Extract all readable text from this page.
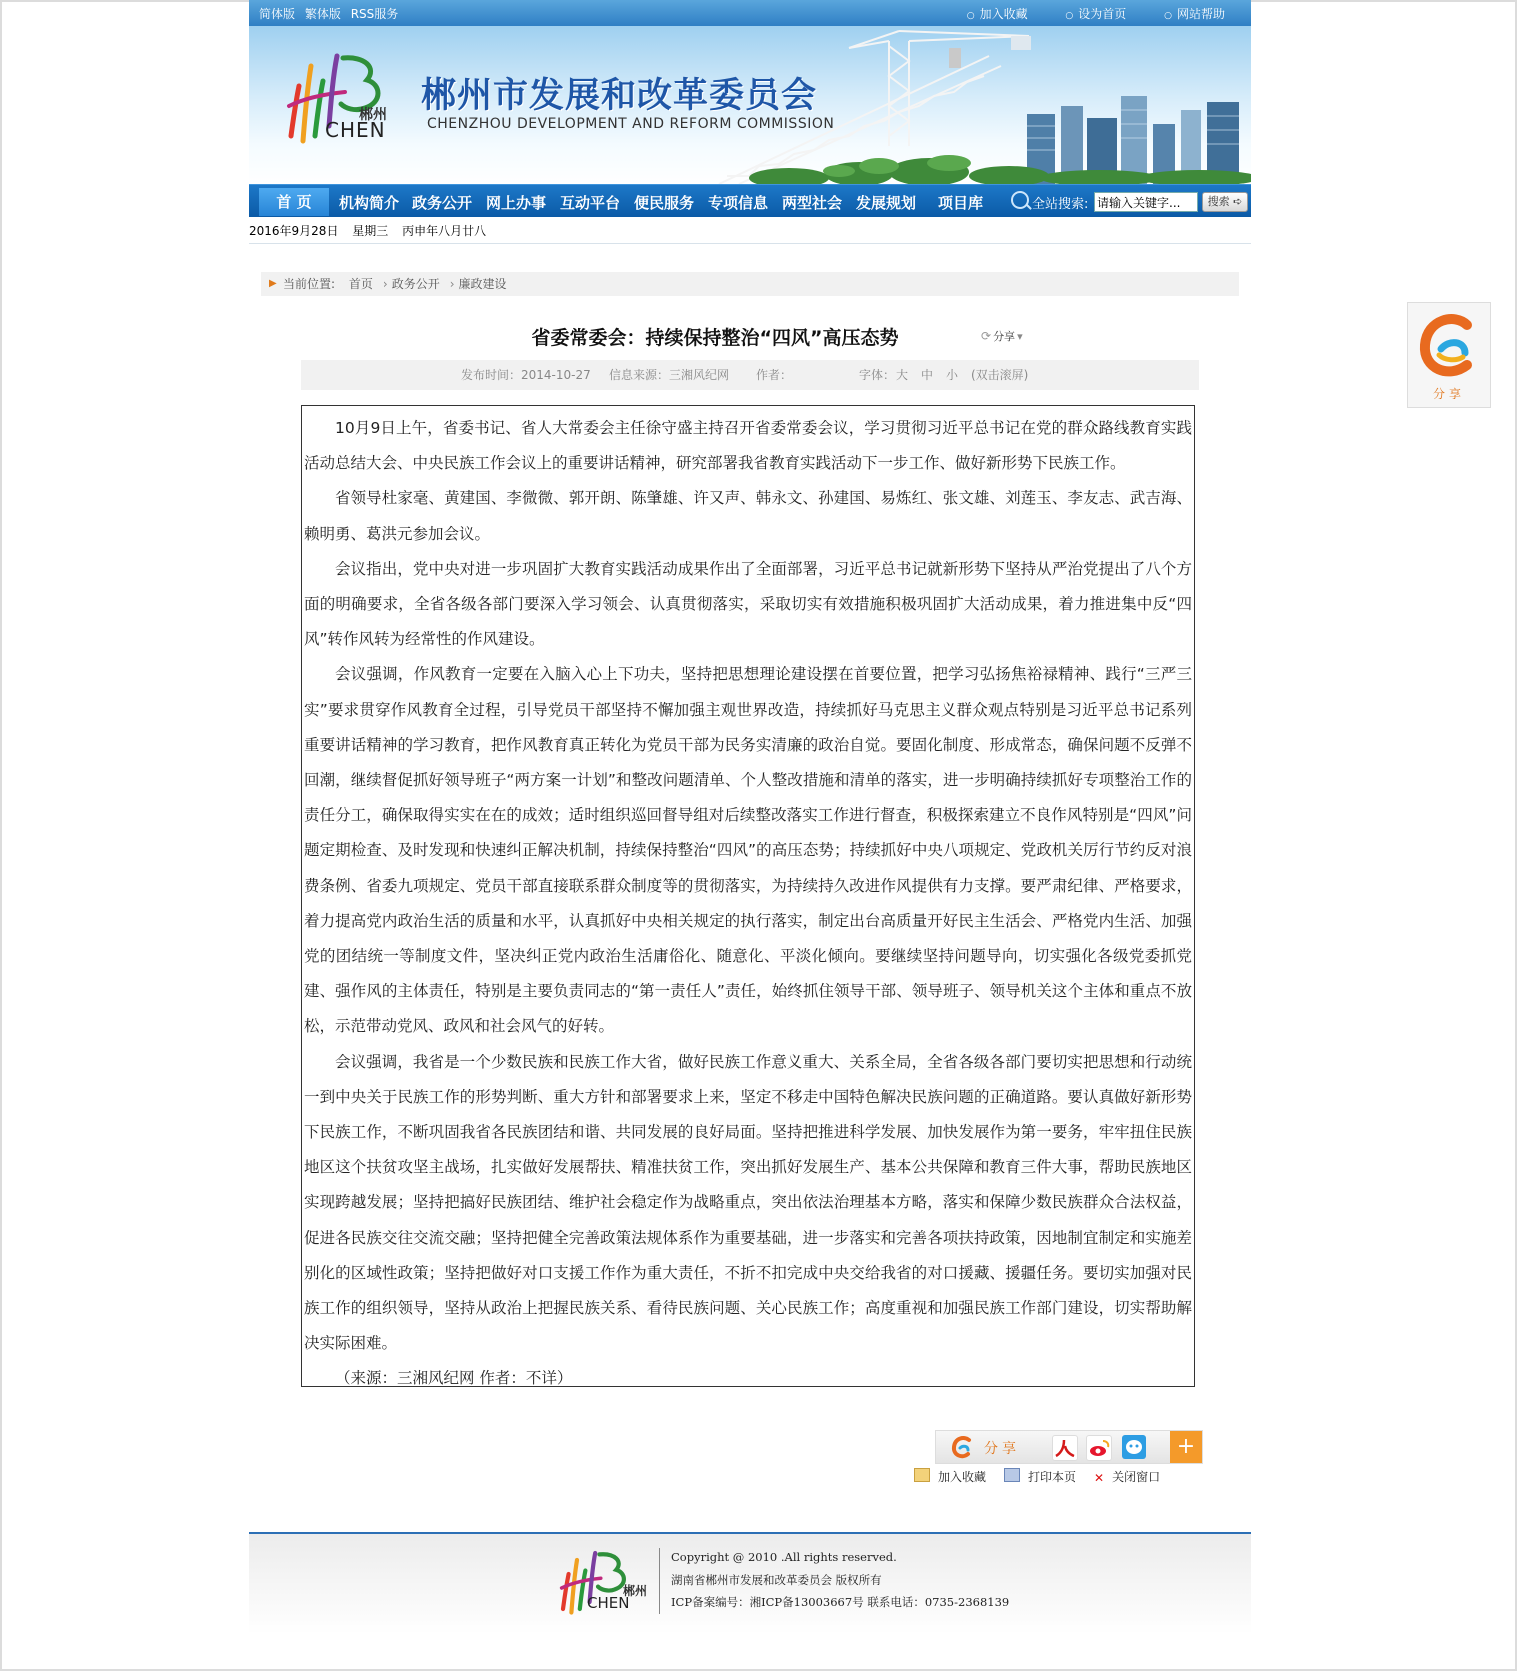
简体版 繁体版 RSS服务	○ 加入收藏	○ 设为首页	○ 网站帮助
郴州
CHEN
郴州市发展和改革委员会
CHENZHOU DEVELOPMENT AND REFORM COMMISSION
首 页	机构简介 政务公开 网上办事 互动平台 便民服务 专项信息 两型社会 发展规划 项目库	全站搜索:
请输入关键字...	搜索 ➪
2016年9月28日 星期三 丙申年八月廿八
▶ 当前位置: 首页 › 政务公开 › 廉政建设
省委常委会：持续保持整治“四风”高压态势	⟳ 分享 ▾
发布时间：2014-10-27 信息来源：三湘风纪网 作者：	字体： 大 中 小 (双击滚屏)

10月9日上午，省委书记、省人大常委会主任徐守盛主持召开省委常委会议，学习贯彻习近平总书记在党的群众路线教育实践活动总结大会、中央民族工作会议上的重要讲话精神，研究部署我省教育实践活动下一步工作、做好新形势下民族工作。

省领导杜家毫、黄建国、李微微、郭开朗、陈肇雄、许又声、韩永文、孙建国、易炼红、张文雄、刘莲玉、李友志、武吉海、赖明勇、葛洪元参加会议。

会议指出，党中央对进一步巩固扩大教育实践活动成果作出了全面部署，习近平总书记就新形势下坚持从严治党提出了八个方面的明确要求，全省各级各部门要深入学习领会、认真贯彻落实，采取切实有效措施积极巩固扩大活动成果，着力推进集中反“四风”转作风转为经常性的作风建设。

会议强调，作风教育一定要在入脑入心上下功夫，坚持把思想理论建设摆在首要位置，把学习弘扬焦裕禄精神、践行“三严三实”要求贯穿作风教育全过程，引导党员干部坚持不懈加强主观世界改造，持续抓好马克思主义群众观点特别是习近平总书记系列重要讲话精神的学习教育，把作风教育真正转化为党员干部为民务实清廉的政治自觉。要固化制度、形成常态，确保问题不反弹不回潮，继续督促抓好领导班子“两方案一计划”和整改问题清单、个人整改措施和清单的落实，进一步明确持续抓好专项整治工作的责任分工，确保取得实实在在的成效；适时组织巡回督导组对后续整改落实工作进行督查，积极探索建立不良作风特别是“四风”问题定期检查、及时发现和快速纠正解决机制，持续保持整治“四风”的高压态势；持续抓好中央八项规定、党政机关厉行节约反对浪费条例、省委九项规定、党员干部直接联系群众制度等的贯彻落实，为持续持久改进作风提供有力支撑。要严肃纪律、严格要求，着力提高党内政治生活的质量和水平，认真抓好中央相关规定的执行落实，制定出台高质量开好民主生活会、严格党内生活、加强党的团结统一等制度文件，坚决纠正党内政治生活庸俗化、随意化、平淡化倾向。要继续坚持问题导向，切实强化各级党委抓党建、强作风的主体责任，特别是主要负责同志的“第一责任人”责任，始终抓住领导干部、领导班子、领导机关这个主体和重点不放松，示范带动党风、政风和社会风气的好转。

会议强调，我省是一个少数民族和民族工作大省，做好民族工作意义重大、关系全局，全省各级各部门要切实把思想和行动统一到中央关于民族工作的形势判断、重大方针和部署要求上来，坚定不移走中国特色解决民族问题的正确道路。要认真做好新形势下民族工作，不断巩固我省各民族团结和谐、共同发展的良好局面。坚持把推进科学发展、加快发展作为第一要务，牢牢扭住民族地区这个扶贫攻坚主战场，扎实做好发展帮扶、精准扶贫工作，突出抓好发展生产、基本公共保障和教育三件大事，帮助民族地区实现跨越发展；坚持把搞好民族团结、维护社会稳定作为战略重点，突出依法治理基本方略，落实和保障少数民族群众合法权益，促进各民族交往交流交融；坚持把健全完善政策法规体系作为重要基础，进一步落实和完善各项扶持政策，因地制宜制定和实施差别化的区域性政策；坚持把做好对口支援工作作为重大责任，不折不扣完成中央交给我省的对口援藏、援疆任务。要切实加强对民族工作的组织领导，坚持从政治上把握民族关系、看待民族问题、关心民族工作；高度重视和加强民族工作部门建设，切实帮助解决实际困难。

（来源：三湘风纪网 作者：不详）

分享	+
加入收藏	打印本页 ✕ 关闭窗口
郴州
CHEN
Copyright @ 2010 .All rights reserved.
湖南省郴州市发展和改革委员会 版权所有
ICP备案编号：湘ICP备13003667号 联系电话：0735-2368139
分享
